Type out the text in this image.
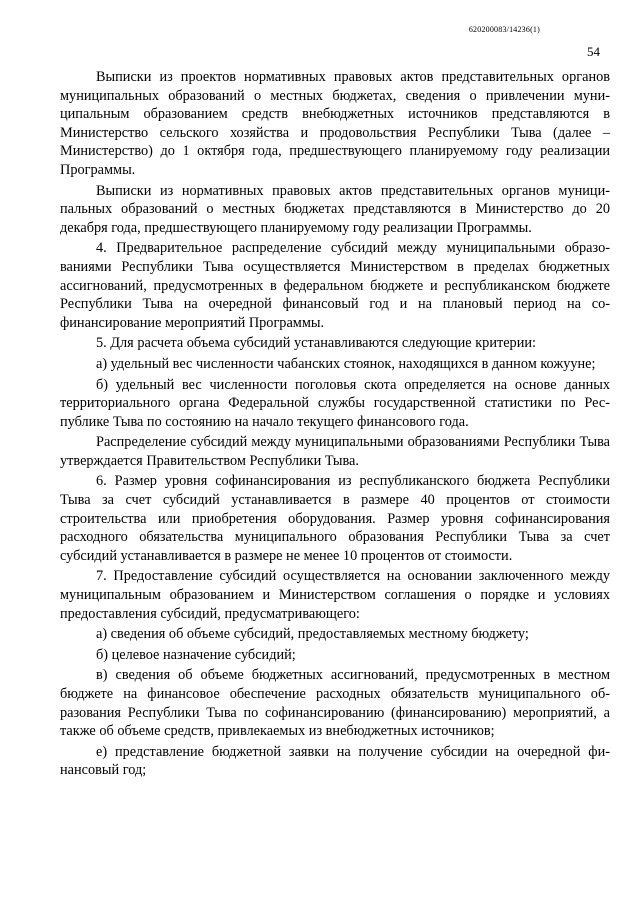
620200083/14236(1)
54

Выписки из проектов нормативных правовых актов представительных органов муниципальных образований о местных бюджетах, сведения о привлечении муниципальным образованием средств внебюджетных источников представляются в Министерство сельского хозяйства и продовольствия Республики Тыва (далее – Министерство) до 1 октября года, предшествующего планируемому году реализации Программы.

Выписки из нормативных правовых актов представительных органов муниципальных образований о местных бюджетах представляются в Министерство до 20 декабря года, предшествующего планируемому году реализации Программы.

4. Предварительное распределение субсидий между муниципальными образованиями Республики Тыва осуществляется Министерством в пределах бюджетных ассигнований, предусмотренных в федеральном бюджете и республиканском бюджете Республики Тыва на очередной финансовый год и на плановый период на софинансирование мероприятий Программы.

5. Для расчета объема субсидий устанавливаются следующие критерии:

а) удельный вес численности чабанских стоянок, находящихся в данном кожууне;

б) удельный вес численности поголовья скота определяется на основе данных территориального органа Федеральной службы государственной статистики по Республике Тыва по состоянию на начало текущего финансового года.

Распределение субсидий между муниципальными образованиями Республики Тыва утверждается Правительством Республики Тыва.

6. Размер уровня софинансирования из республиканского бюджета Республики Тыва за счет субсидий устанавливается в размере 40 процентов от стоимости строительства или приобретения оборудования. Размер уровня софинансирования расходного обязательства муниципального образования Республики Тыва за счет субсидий устанавливается в размере не менее 10 процентов от стоимости.

7. Предоставление субсидий осуществляется на основании заключенного между муниципальным образованием и Министерством соглашения о порядке и условиях предоставления субсидий, предусматривающего:

а) сведения об объеме субсидий, предоставляемых местному бюджету;

б) целевое назначение субсидий;

в) сведения об объеме бюджетных ассигнований, предусмотренных в местном бюджете на финансовое обеспечение расходных обязательств муниципального образования Республики Тыва по софинансированию (финансированию) мероприятий, а также об объеме средств, привлекаемых из внебюджетных источников;

е) представление бюджетной заявки на получение субсидии на очередной финансовый год;
